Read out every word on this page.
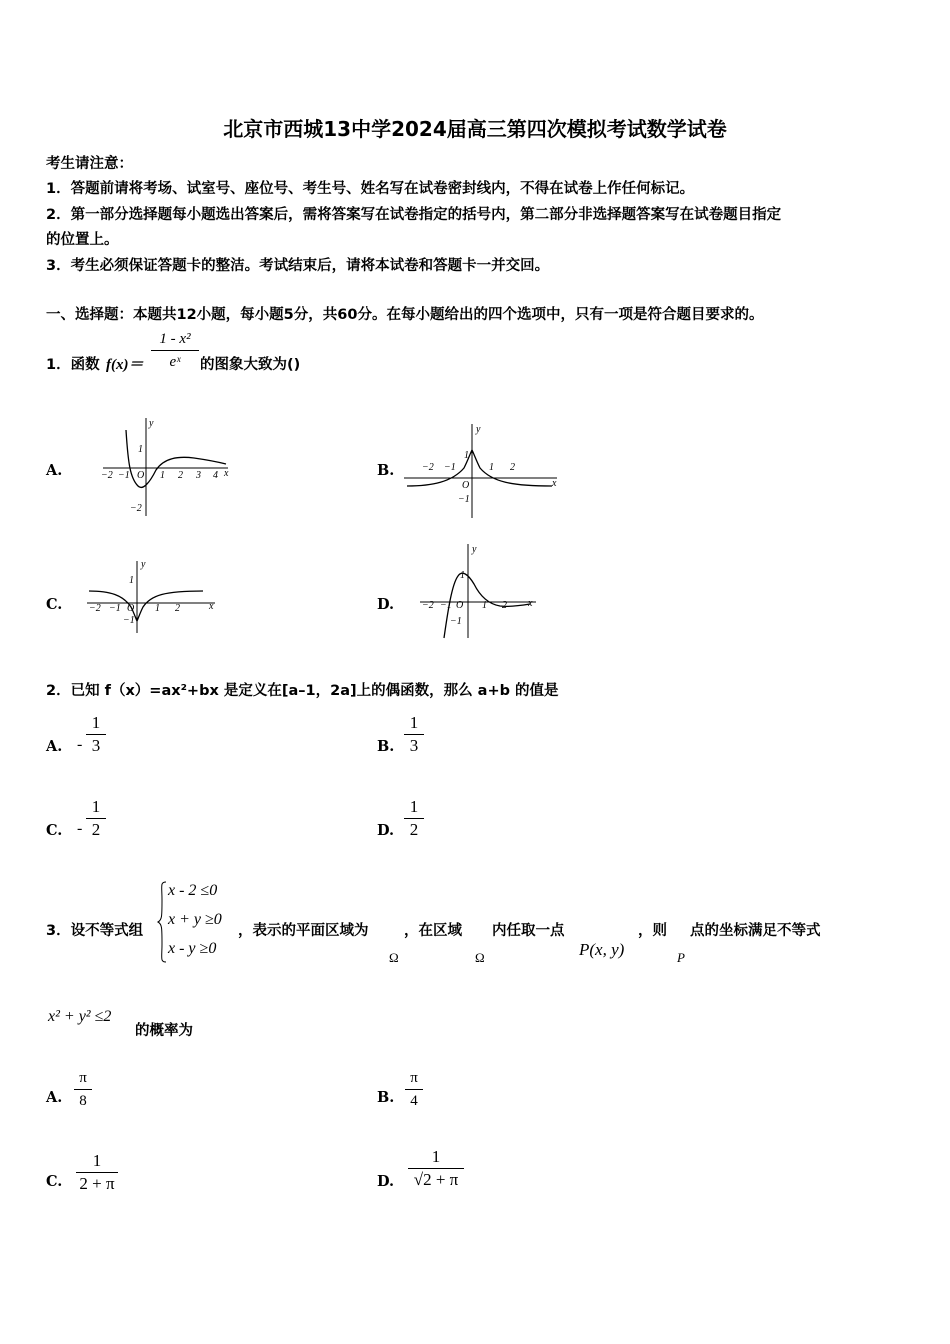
北京市西城13中学2024届高三第四次模拟考试数学试卷
考生请注意：
1．答题前请将考场、试室号、座位号、考生号、姓名写在试卷密封线内，不得在试卷上作任何标记。
2．第一部分选择题每小题选出答案后，需将答案写在试卷指定的括号内，第二部分非选择题答案写在试卷题目指定
的位置上。
3．考生必须保证答题卡的整洁。考试结束后，请将本试卷和答题卡一并交回。
一、选择题：本题共12小题，每小题5分，共60分。在每小题给出的四个选项中，只有一项是符合题目要求的。
1．函数 $f(x)= \frac{\text{1 - x²}}{\text{eˣ}}$ 的图象大致为()
A.	B.
C.	D.
−2 −1 O 1 2 3 4 x
y
1
−2
−2 −1	1 2
O	x
y
1
−1
−2 −1 O 1 2	x
y
1
−1
−2 −1 O 1 2 x
y
1
−1
2．已知 f（x）=ax²+bx 是定义在[a–1，2a]上的偶函数，那么 a+b 的值是
A. - $\frac{1}{3}$	B. $\frac{1}{3}$
C. - $\frac{1}{2}$	D. $\frac{1}{2}$
3．设不等式组
x - 2 ≤0
x + y ≥0
x - y ≥0
，表示的平面区域为 ，在区域 内任取一点	，则 点的坐标满足不等式
Ω	Ω	P(x, y)	P
x² + y² ≤2
的概率为
A. $\frac{\pi}{8}$	B. $\frac{\pi}{4}$
C. $\frac{1}{2 + \pi}$	D. $\frac{1}{√2 + \pi}$
